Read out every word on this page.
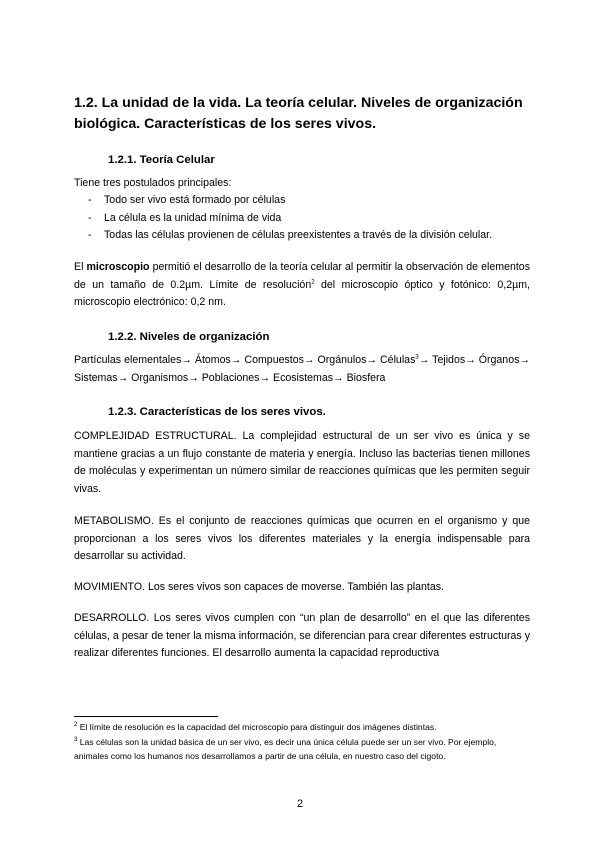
1.2. La unidad de la vida. La teoría celular. Niveles de organización biológica. Características de los seres vivos.
1.2.1. Teoría Celular
Tiene tres postulados principales:
- Todo ser vivo está formado por células
- La célula es la unidad mínima de vida
- Todas las células provienen de células preexistentes a través de la división celular.
El microscopio permitió el desarrollo de la teoría celular al permitir la observación de elementos de un tamaño de 0.2µm. Límite de resolución$^2$ del microscopio óptico y fotónico: 0,2µm, microscopio electrónico: 0,2 nm.
1.2.2. Niveles de organización
Partículas elementales→ Átomos→ Compuestos→ Orgánulos→ Células$^3$→ Tejidos→ Órganos→ Sistemas→ Organismos→ Poblaciones→ Ecosistemas→ Biosfera
1.2.3. Características de los seres vivos.
COMPLEJIDAD ESTRUCTURAL. La complejidad estructural de un ser vivo es única y se mantiene gracias a un flujo constante de materia y energía. Incluso las bacterias tienen millones de moléculas y experimentan un número similar de reacciones químicas que les permiten seguir vivas.
METABOLISMO. Es el conjunto de reacciones químicas que ocurren en el organismo y que proporcionan a los seres vivos los diferentes materiales y la energía indispensable para desarrollar su actividad.
MOVIMIENTO. Los seres vivos son capaces de moverse. También las plantas.
DESARROLLO. Los seres vivos cumplen con “un plan de desarrollo” en el que las diferentes células, a pesar de tener la misma información, se diferencian para crear diferentes estructuras y realizar diferentes funciones. El desarrollo aumenta la capacidad reproductiva
$^2$ El límite de resolución es la capacidad del microscopio para distinguir dos imágenes distintas.
$^3$ Las células son la unidad básica de un ser vivo, es decir una única célula puede ser un ser vivo. Por ejemplo, animales como los humanos nos desarrollamos a partir de una célula, en nuestro caso del cigoto.
2
